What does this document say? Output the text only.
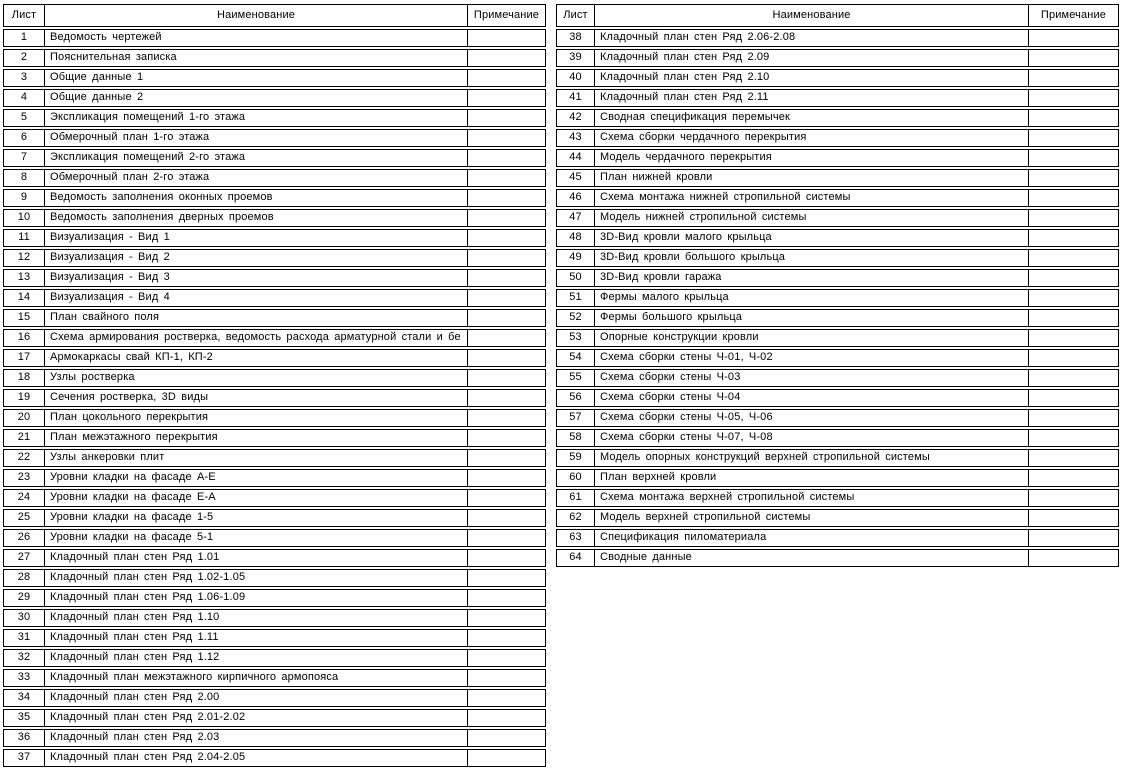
Лист	Наименование	Примечание
1	Ведомость чертежей
2	Пояснительная записка
3	Общие данные 1
4	Общие данные 2
5	Экспликация помещений 1-го этажа
6	Обмерочный план 1-го этажа
7	Экспликация помещений 2-го этажа
8	Обмерочный план 2-го этажа
9	Ведомость заполнения оконных проемов
10	Ведомость заполнения дверных проемов
11	Визуализация - Вид 1
12	Визуализация - Вид 2
13	Визуализация - Вид 3
14	Визуализация - Вид 4
15	План свайного поля
16	Схема армирования ростверка, ведомость расхода арматурной стали и бе
17	Армокаркасы свай КП-1, КП-2
18	Узлы ростверка
19	Сечения ростверка, 3D виды
20	План цокольного перекрытия
21	План межэтажного перекрытия
22	Узлы анкеровки плит
23	Уровни кладки на фасаде А-Е
24	Уровни кладки на фасаде Е-А
25	Уровни кладки на фасаде 1-5
26	Уровни кладки на фасаде 5-1
27	Кладочный план стен Ряд 1.01
28	Кладочный план стен Ряд 1.02-1.05
29	Кладочный план стен Ряд 1.06-1.09
30	Кладочный план стен Ряд 1.10
31	Кладочный план стен Ряд 1.11
32	Кладочный план стен Ряд 1.12
33	Кладочный план межэтажного кирпичного армопояса
34	Кладочный план стен Ряд 2.00
35	Кладочный план стен Ряд 2.01-2.02
36	Кладочный план стен Ряд 2.03
37	Кладочный план стен Ряд 2.04-2.05
Лист	Наименование	Примечание
38	Кладочный план стен Ряд 2.06-2.08
39	Кладочный план стен Ряд 2.09
40	Кладочный план стен Ряд 2.10
41	Кладочный план стен Ряд 2.11
42	Сводная спецификация перемычек
43	Схема сборки чердачного перекрытия
44	Модель чердачного перекрытия
45	План нижней кровли
46	Схема монтажа нижней стропильной системы
47	Модель нижней стропильной системы
48	3D-Вид кровли малого крыльца
49	3D-Вид кровли большого крыльца
50	3D-Вид кровли гаража
51	Фермы малого крыльца
52	Фермы большого крыльца
53	Опорные конструкции кровли
54	Схема сборки стены Ч-01, Ч-02
55	Схема сборки стены Ч-03
56	Схема сборки стены Ч-04
57	Схема сборки стены Ч-05, Ч-06
58	Схема сборки стены Ч-07, Ч-08
59	Модель опорных конструкций верхней стропильной системы
60	План верхней кровли
61	Схема монтажа верхней стропильной системы
62	Модель верхней стропильной системы
63	Спецификация пиломатериала
64	Сводные данные
